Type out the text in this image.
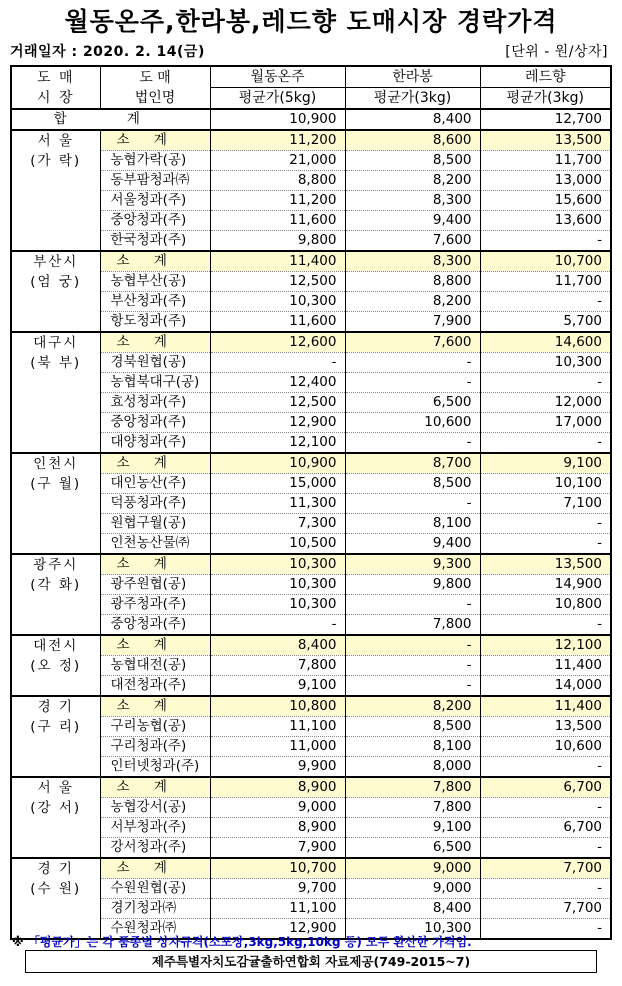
월동온주,한라봉,레드향 도매시장 경락가격
거래일자 : 2020. 2. 14(금)	[단위 - 원/상자]
도 매
시 장	도 매
법인명	월동온주	한라봉	레드향
		평균가(5kg)	평균가(3kg)	평균가(3kg)
합 계		10,900	8,400	12,700
서 울
(가 락)	소 계	11,200	8,600	13,500
	농협가락(공)	21,000	8,500	11,700
	동부팜청과㈜	8,800	8,200	13,000
	서울청과(주)	11,200	8,300	15,600
	중앙청과(주)	11,600	9,400	13,600
	한국청과(주)	9,800	7,600	-
부산시
(엄 궁)	소 계	11,400	8,300	10,700
	농협부산(공)	12,500	8,800	11,700
	부산청과(주)	10,300	8,200	-
	항도청과(주)	11,600	7,900	5,700
대구시
(북 부)	소 계	12,600	7,600	14,600
	경북원협(공)	-	-	10,300
	농협북대구(공)	12,400	-	-
	효성청과(주)	12,500	6,500	12,000
	중앙청과(주)	12,900	10,600	17,000
	대양청과(주)	12,100	-	-
인천시
(구 월)	소 계	10,900	8,700	9,100
	대인농산(주)	15,000	8,500	10,100
	덕풍청과(주)	11,300	-	7,100
	원협구월(공)	7,300	8,100	-
	인천농산물㈜	10,500	9,400	-
광주시
(각 화)	소 계	10,300	9,300	13,500
	광주원협(공)	10,300	9,800	14,900
	광주청과(주)	10,300	-	10,800
	중앙청과(주)	-	7,800	-
대전시
(오 정)	소 계	8,400	-	12,100
	농협대전(공)	7,800	-	11,400
	대전청과(주)	9,100	-	14,000
경 기
(구 리)	소 계	10,800	8,200	11,400
	구리농협(공)	11,100	8,500	13,500
	구리청과(주)	11,000	8,100	10,600
	인터넷청과(주)	9,900	8,000	-
서 울
(강 서)	소 계	8,900	7,800	6,700
	농협강서(공)	9,000	7,800	-
	서부청과(주)	8,900	9,100	6,700
	강서청과(주)	7,900	6,500	-
경 기
(수 원)	소 계	10,700	9,000	7,700
	수원원협(공)	9,700	9,000	-
	경기청과㈜	11,100	8,400	7,700
	수원청과㈜	12,900	10,300	-
※ 「평균가」는 각 품종별 상자규격(소포장,3kg,5kg,10kg 등) 모두 환산한 가격임.
제주특별자치도감귤출하연합회 자료제공(749-2015~7)
